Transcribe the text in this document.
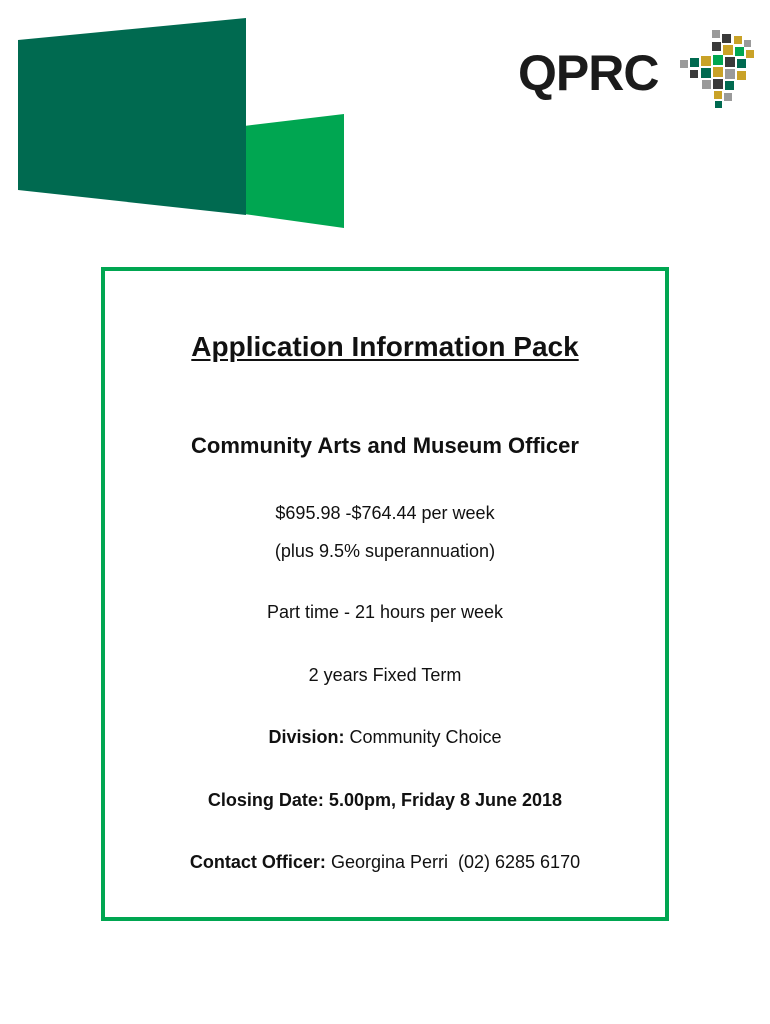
QPRC
Application Information Pack
Community Arts and Museum Officer

$695.98 -$764.44 per week

(plus 9.5% superannuation)

Part time - 21 hours per week

2 years Fixed Term

Division: Community Choice

Closing Date: 5.00pm, Friday 8 June 2018

Contact Officer: Georgina Perri  (02) 6285 6170
